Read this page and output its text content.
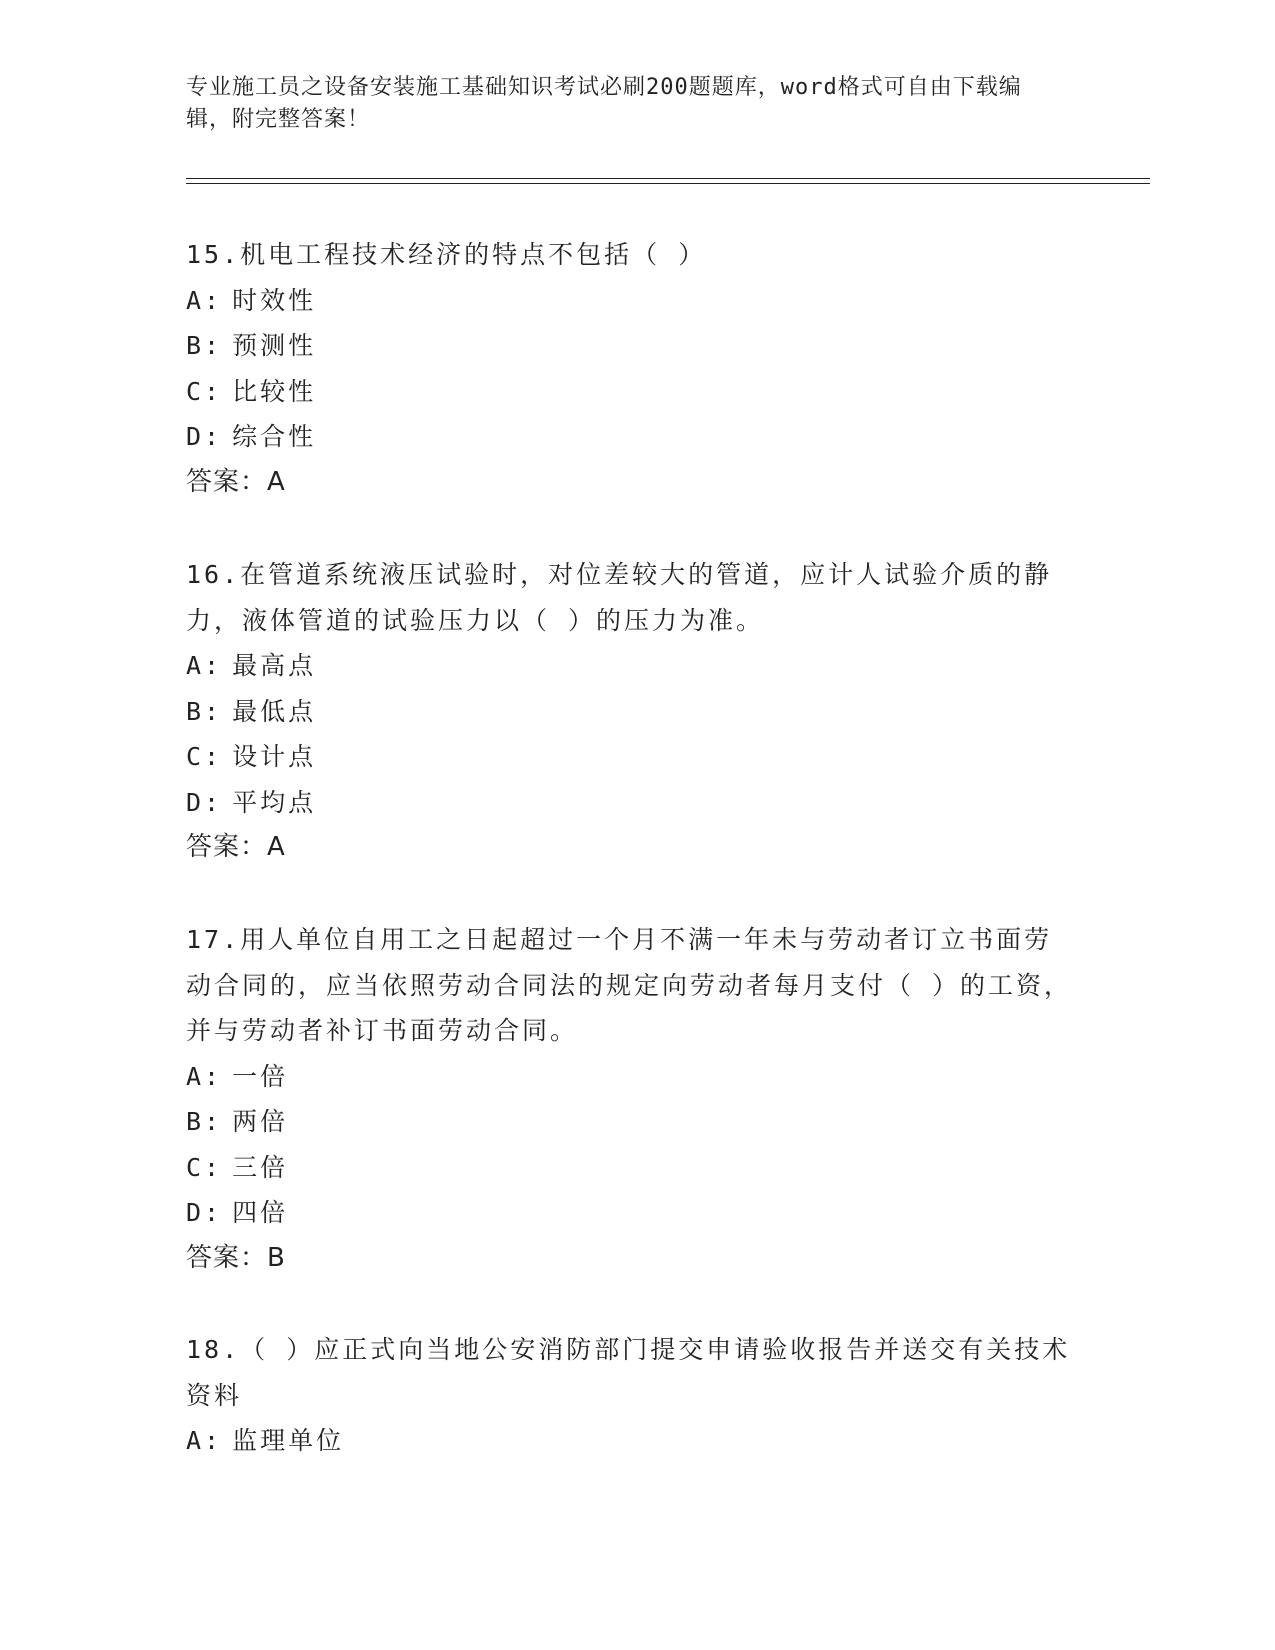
专业施工员之设备安装施工基础知识考试必刷200题题库，word格式可自由下载编辑，附完整答案！

15.机电工程技术经济的特点不包括（ ）

A: 时效性
B: 预测性
C: 比较性
D: 综合性

答案：A

16.在管道系统液压试验时，对位差较大的管道，应计人试验介质的静力，液体管道的试验压力以（ ）的压力为准。

A: 最高点
B: 最低点
C: 设计点
D: 平均点

答案：A

17.用人单位自用工之日起超过一个月不满一年未与劳动者订立书面劳动合同的，应当依照劳动合同法的规定向劳动者每月支付（ ）的工资，并与劳动者补订书面劳动合同。

A: 一倍
B: 两倍
C: 三倍
D: 四倍

答案：B

18.（ ）应正式向当地公安消防部门提交申请验收报告并送交有关技术资料

A: 监理单位
